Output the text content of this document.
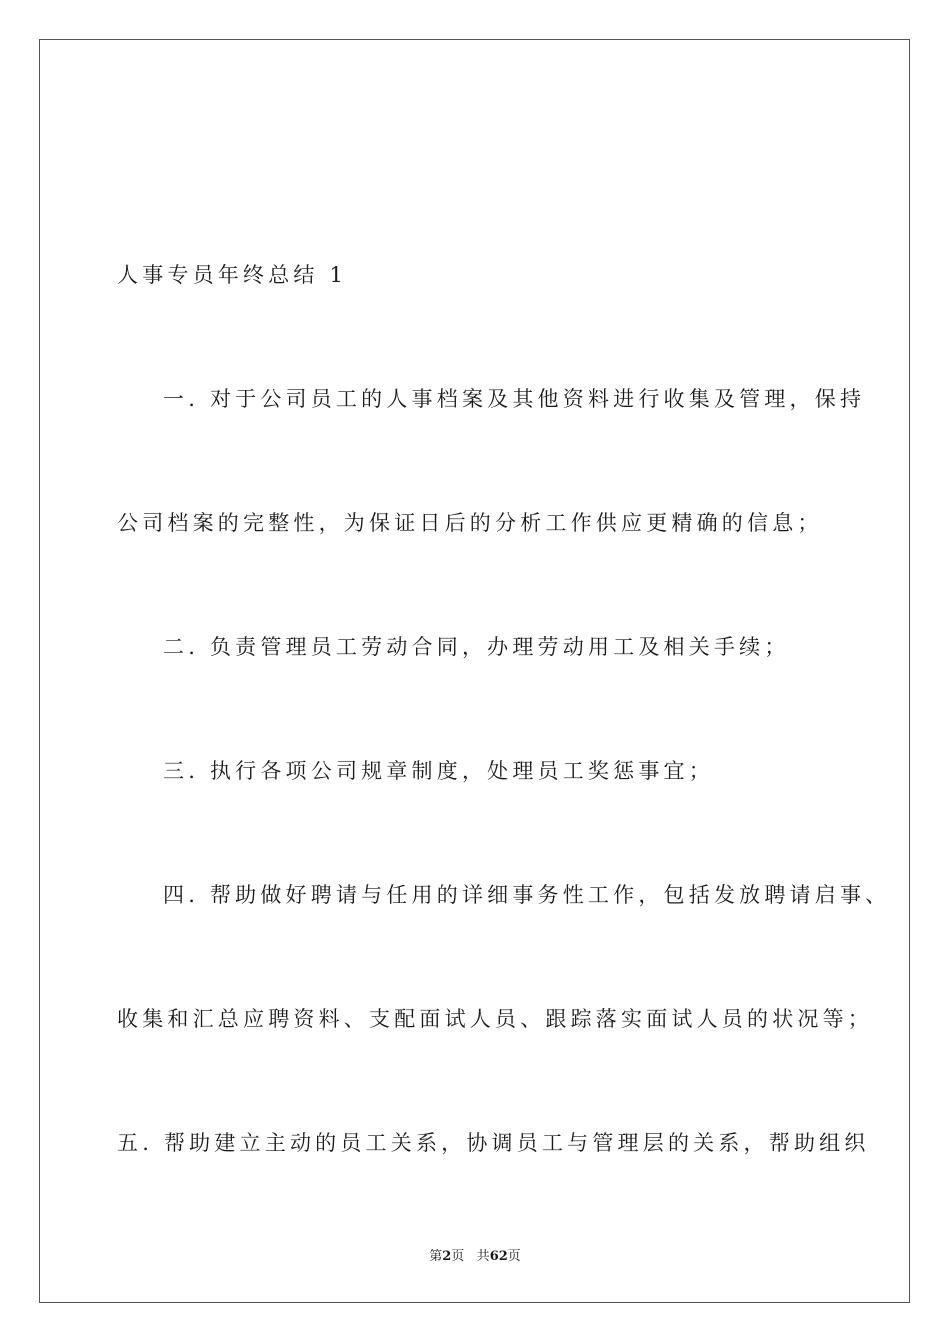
人事专员年终总结 1
一. 对于公司员工的人事档案及其他资料进行收集及管理，保持
公司档案的完整性，为保证日后的分析工作供应更精确的信息；
二. 负责管理员工劳动合同，办理劳动用工及相关手续；
三. 执行各项公司规章制度，处理员工奖惩事宜；
四. 帮助做好聘请与任用的详细事务性工作，包括发放聘请启事、
收集和汇总应聘资料、支配面试人员、跟踪落实面试人员的状况等；
五. 帮助建立主动的员工关系，协调员工与管理层的关系，帮助组织
第2页 共62页
